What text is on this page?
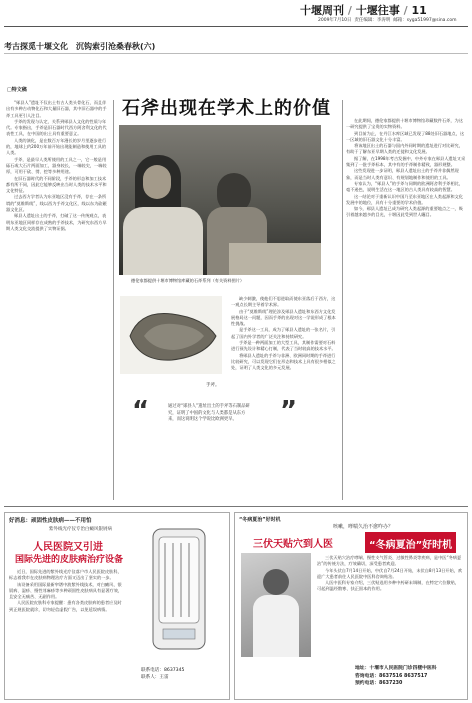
十堰周刊 / 十堰往事 / 11
2009年7月10日 责任编辑：李涛明 邮箱：syga51997@sina.com
考古探觅十堰文化　沉钩索引沧桑春秋(六)
□特文稿
石斧出现在学术上的价值

“郧县人”遗址不仅出土有古人类头骨化石，而且伴出有多种古动物化石和大量旧石器，其中旧石器中的手斧工具更引人注目。

手斧的发现与认定，关系到郧县人文化的性质与年代。专家指出，手斧是旧石器时代西方阿舍利文化的代表性工具，在中国的出土具有重要意义。

人类的演化，是在数百万年漫长的岁月里逐步进行的，地球上约200万年前开始出现能制造和使用工具的人类。

手斧，是最早人类所使用的工具之一，它一般是用砾石或大石片两面加工，器身较长，一端较尖，一端较厚，可用于砍、劈、挖等多种用途。

在旧石器时代的不同阶段，手斧的形态和加工技术都有所不同，因此它能够反映出当时人类的技术水平和文化特征。

过去西方学者认为东亚地区没有手斧，存在一条所谓的“莫维斯线”，线以西为手斧文化区，线以东为砍砸器文化区。

郧县人遗址出土的手斧，打破了这一传统观点，表明东亚地区同样存在成熟的手斧技术，为研究东西方早期人类文化交流提供了实物证据。

德伦家都提供十堰市博物馆库藏的石斧系列（有关资料图片）
手斧。
“	通过对“郧县人”遗址出土的手斧等石制品研究，证明了中国的文化与人类都是从东方来，而这说明这个学说比欧洲更早。	”

缺少刺激，使他们不思进取而使东亚落后于西方，这一观点长期主导着学术界。

由于“莫维斯线”理论涉及郧县人遗址和东西方文化发展格局这一问题，因而手斧的出现对这一学说形成了根本性挑战。

是手斧这一工具，成为了郧县人遗址的一张名片，引起了国内外学者的广泛关注和持续研究。

手斧是一种两面加工的大型工具，其制作需要对石料进行预先设计和精心打制，代表了当时较高的技术水平。

将郧县人遗址的手斧与非洲、欧洲同时期的手斧进行比较研究，可以发现它们在形态和技术上具有很多相似之处，证明了人类文化的多元发展。

在此期间，德伦家都提供十堰市博物馆珍藏数件石斧，为这一研究提供了宝贵的实物资料。

到目前为止，在丹江水库区域已发现了88处旧石器地点，这一区域的旧石器文化十分丰富。

将该地区出土的石器与国内外同时期的遗址进行对比研究，有助于了解东亚早期人类的迁徙和文化发展。

据了解，在1998年考古发掘中，中外专家在郧县人遗址又采集到了一批手斧标本，其中有的手斧制作精致，器形规整。

这些发现进一步证明，郧县人遗址出土的手斧并非偶然现象，而是当时人类有意识、有规划地制作和使用的工具。

专家认为，“郧县人”的手斧与同期的欧洲阿舍利手斧相比，毫不逊色，说明生活在这一地区的古人类具有较高的智慧。

这一结论对于重新认识中国乃至东亚地区在人类起源和文化发展中的地位，具有十分重要的学术价值。

如今，郧县人遗址已成为研究人类起源的重要地点之一，吸引着越来越多的目光，十堰因此受到世人瞩目。

好消息：顽固性皮肤病——不用怕
紫外线光疗仪专治白癜风银屑病
人民医院又引进
国际先进的皮肤病治疗设备

近日，国际先进的紫外线光疗仪落户市人民医院皮肤科，标志着我市在皮肤病物理治疗方面又迈出了坚实的一步。

该设备采用国际最新窄谱中波紫外线技术，对白癜风、银屑病、湿疹、慢性荨麻疹等多种顽固性皮肤病具有显著疗效，且安全无痛苦、无副作用。

人民医院皮肤科专家提醒：患有各类皮肤病的患者应及时到正规医院就诊，切勿轻信虚假广告，以免延误病情。

联系电话：8637345
联系人：王雷
“冬病夏治”好时机
咳嗽，哮喘久治不愈咋办？
三伏天贴穴到人医	“冬病夏治”好时机

三伏天贴穴治疗哮喘、慢性支气管炎、过敏性鼻炎等疾病，是中医“冬病夏治”的传统方法，疗效确切，深受患者欢迎。

今年头伏自7月14日开始，中伏自7月24日开始，末伏自8月13日开始，欢迎广大患者前往人民医院中医科咨询贴治。

人医中医科专家介绍，三伏贴选用多种中药研末调制，在特定穴位敷贴，可起到温经散寒、扶正固本的作用。

地址：十堰市人民医院门诊四楼中医科
咨询电话：8637516 8637517
预约电话：8637230
